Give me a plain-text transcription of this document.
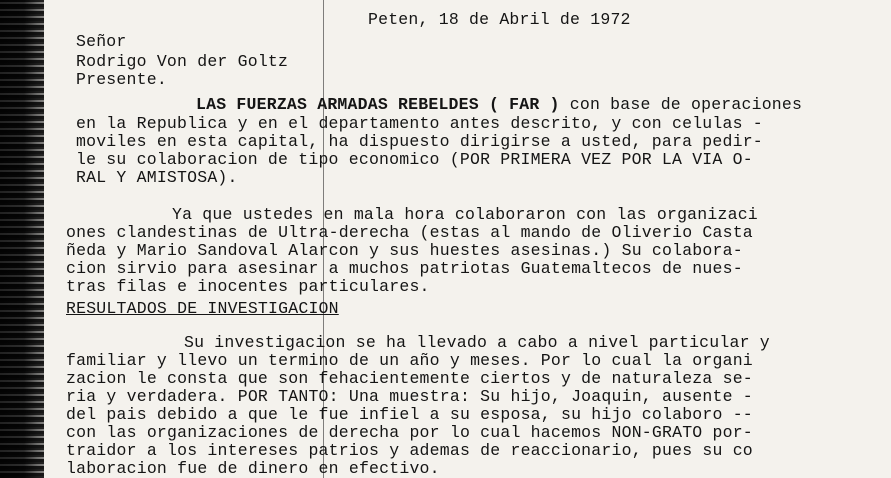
Peten, 18 de Abril de 1972
Señor
Rodrigo Von der Goltz
Presente.
LAS FUERZAS ARMADAS REBELDES ( FAR ) con base de operaciones
en la Republica y en el departamento antes descrito, y con celulas -
moviles en esta capital, ha dispuesto dirigirse a usted, para pedir-
le su colaboracion de tipo economico (POR PRIMERA VEZ POR LA VIA O-
RAL Y AMISTOSA).
Ya que ustedes en mala hora colaboraron con las organizaci
ones clandestinas de Ultra-derecha (estas al mando de Oliverio Casta
ñeda y Mario Sandoval Alarcon y sus huestes asesinas.) Su colabora-
cion sirvio para asesinar a muchos patriotas Guatemaltecos de nues-
tras filas e inocentes particulares.
RESULTADOS DE INVESTIGACION
Su investigacion se ha llevado a cabo a nivel particular y
familiar y llevo un termino de un año y meses. Por lo cual la organi
zacion le consta que son fehacientemente ciertos y de naturaleza se-
ria y verdadera. POR TANTO: Una muestra: Su hijo, Joaquin, ausente -
del pais debido a que le fue infiel a su esposa, su hijo colaboro --
con las organizaciones de derecha por lo cual hacemos NON-GRATO por-
traidor a los intereses patrios y ademas de reaccionario, pues su co
laboracion fue de dinero en efectivo.
